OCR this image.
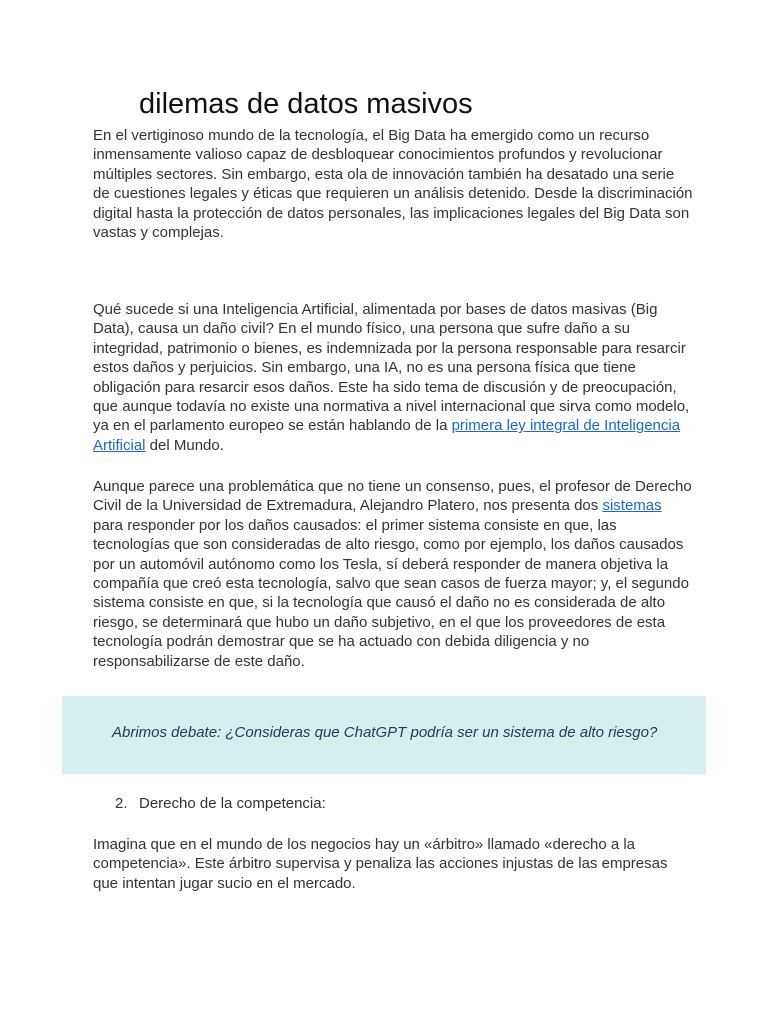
dilemas de datos masivos

En el vertiginoso mundo de la tecnología, el Big Data ha emergido como un recurso inmensamente valioso capaz de desbloquear conocimientos profundos y revolucionar múltiples sectores. Sin embargo, esta ola de innovación también ha desatado una serie de cuestiones legales y éticas que requieren un análisis detenido. Desde la discriminación digital hasta la protección de datos personales, las implicaciones legales del Big Data son vastas y complejas.

Qué sucede si una Inteligencia Artificial, alimentada por bases de datos masivas (Big Data), causa un daño civil? En el mundo físico, una persona que sufre daño a su integridad, patrimonio o bienes, es indemnizada por la persona responsable para resarcir estos daños y perjuicios. Sin embargo, una IA, no es una persona física que tiene obligación para resarcir esos daños. Este ha sido tema de discusión y de preocupación, que aunque todavía no existe una normativa a nivel internacional que sirva como modelo, ya en el parlamento europeo se están hablando de la primera ley integral de Inteligencia Artificial del Mundo.

Aunque parece una problemática que no tiene un consenso, pues, el profesor de Derecho Civil de la Universidad de Extremadura, Alejandro Platero, nos presenta dos sistemas para responder por los daños causados: el primer sistema consiste en que, las tecnologías que son consideradas de alto riesgo, como por ejemplo, los daños causados por un automóvil autónomo como los Tesla, sí deberá responder de manera objetiva la compañía que creó esta tecnología, salvo que sean casos de fuerza mayor; y, el segundo sistema consiste en que, si la tecnología que causó el daño no es considerada de alto riesgo, se determinará que hubo un daño subjetivo, en el que los proveedores de esta tecnología podrán demostrar que se ha actuado con debida diligencia y no responsabilizarse de este daño.

Abrimos debate: ¿Consideras que ChatGPT podría ser un sistema de alto riesgo?

2. Derecho de la competencia:

Imagina que en el mundo de los negocios hay un «árbitro» llamado «derecho a la competencia». Este árbitro supervisa y penaliza las acciones injustas de las empresas que intentan jugar sucio en el mercado.
